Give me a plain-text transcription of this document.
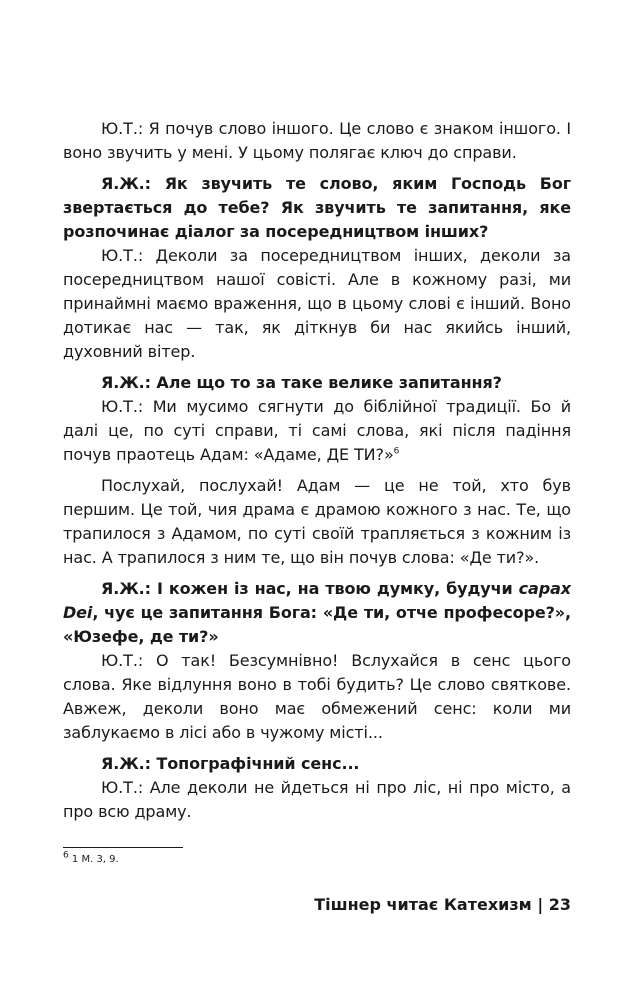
Ю.Т.: Я почув слово іншого. Це слово є знаком іншого. І воно звучить у мені. У цьому полягає ключ до справи.

Я.Ж.: Як звучить те слово, яким Господь Бог звертається до тебе? Як звучить те запитання, яке розпочинає діалог за посередництвом інших?

Ю.Т.: Деколи за посередництвом інших, деколи за посередництвом нашої совісті. Але в кожному разі, ми принаймні маємо враження, що в цьому слові є інший. Воно дотикає нас — так, як діткнув би нас якийсь інший, духовний вітер.

Я.Ж.: Але що то за таке велике запитання?

Ю.Т.: Ми мусимо сягнути до біблійної традиції. Бо й далі це, по суті справи, ті самі слова, які після падіння почув праотець Адам: «Адаме, ДЕ ТИ?»$^6$

Послухай, послухай! Адам — це не той, хто був першим. Це той, чия драма є драмою кожного з нас. Те, що трапилося з Адамом, по суті своїй трапляється з кожним із нас. А трапилося з ним те, що він почув слова: «Де ти?».

Я.Ж.: І кожен із нас, на твою думку, будучи capax Dei, чує це запитання Бога: «Де ти, отче професоре?», «Юзефе, де ти?»

Ю.Т.: О так! Безсумнівно! Вслухайся в сенс цього слова. Яке відлуння воно в тобі будить? Це слово святкове. Авжеж, деколи воно має обмежений сенс: коли ми заблукаємо в лісі або в чужому місті...

Я.Ж.: Топографічний сенс...

Ю.Т.: Але деколи не йдеться ні про ліс, ні про місто, а про всю драму.

$^6$ 1 М. 3, 9.
Тішнер читає Катехизм | 23
